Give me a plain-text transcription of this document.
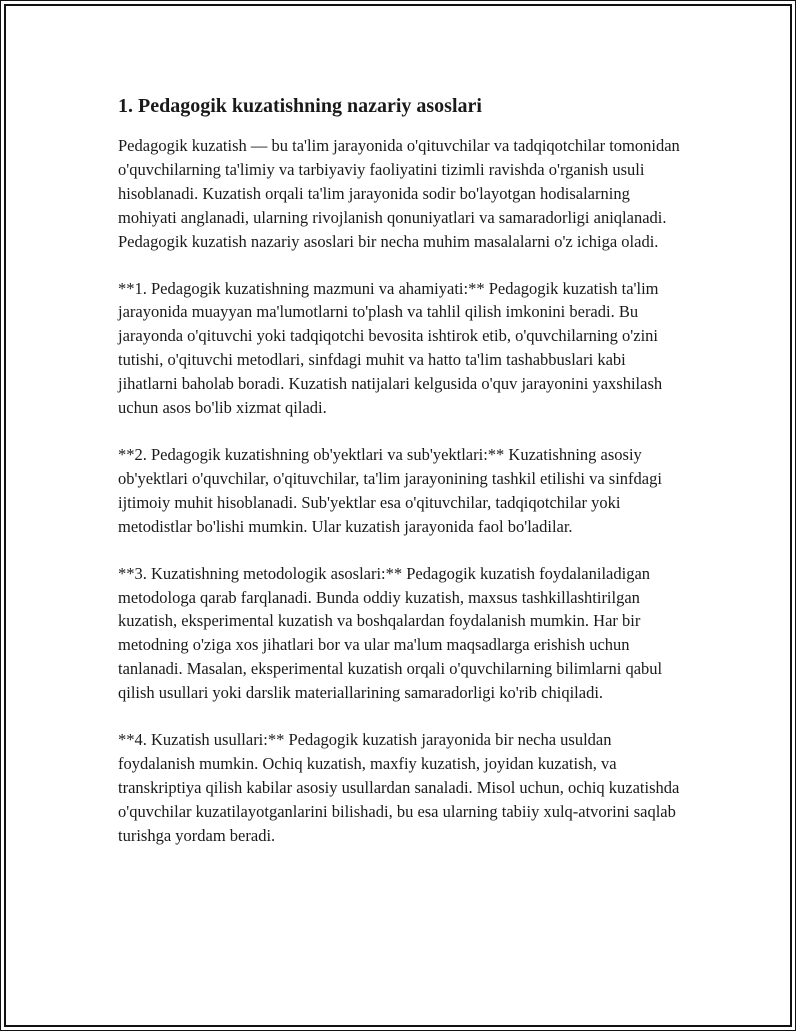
1. Pedagogik kuzatishning nazariy asoslari

Pedagogik kuzatish — bu ta'lim jarayonida o'qituvchilar va tadqiqotchilar tomonidan o'quvchilarning ta'limiy va tarbiyaviy faoliyatini tizimli ravishda o'rganish usuli hisoblanadi. Kuzatish orqali ta'lim jarayonida sodir bo'layotgan hodisalarning mohiyati anglanadi, ularning rivojlanish qonuniyatlari va samaradorligi aniqlanadi. Pedagogik kuzatish nazariy asoslari bir necha muhim masalalarni o'z ichiga oladi.

**1. Pedagogik kuzatishning mazmuni va ahamiyati:** Pedagogik kuzatish ta'lim jarayonida muayyan ma'lumotlarni to'plash va tahlil qilish imkonini beradi. Bu jarayonda o'qituvchi yoki tadqiqotchi bevosita ishtirok etib, o'quvchilarning o'zini tutishi, o'qituvchi metodlari, sinfdagi muhit va hatto ta'lim tashabbuslari kabi jihatlarni baholab boradi. Kuzatish natijalari kelgusida o'quv jarayonini yaxshilash uchun asos bo'lib xizmat qiladi.

**2. Pedagogik kuzatishning ob'yektlari va sub'yektlari:** Kuzatishning asosiy ob'yektlari o'quvchilar, o'qituvchilar, ta'lim jarayonining tashkil etilishi va sinfdagi ijtimoiy muhit hisoblanadi. Sub'yektlar esa o'qituvchilar, tadqiqotchilar yoki metodistlar bo'lishi mumkin. Ular kuzatish jarayonida faol bo'ladilar.

**3. Kuzatishning metodologik asoslari:** Pedagogik kuzatish foydalaniladigan metodologa qarab farqlanadi. Bunda oddiy kuzatish, maxsus tashkillashtirilgan kuzatish, eksperimental kuzatish va boshqalardan foydalanish mumkin. Har bir metodning o'ziga xos jihatlari bor va ular ma'lum maqsadlarga erishish uchun tanlanadi. Masalan, eksperimental kuzatish orqali o'quvchilarning bilimlarni qabul qilish usullari yoki darslik materiallarining samaradorligi ko'rib chiqiladi.

**4. Kuzatish usullari:** Pedagogik kuzatish jarayonida bir necha usuldan foydalanish mumkin. Ochiq kuzatish, maxfiy kuzatish, joyidan kuzatish, va transkriptiya qilish kabilar asosiy usullardan sanaladi. Misol uchun, ochiq kuzatishda o'quvchilar kuzatilayotganlarini bilishadi, bu esa ularning tabiiy xulq-atvorini saqlab turishga yordam beradi.
